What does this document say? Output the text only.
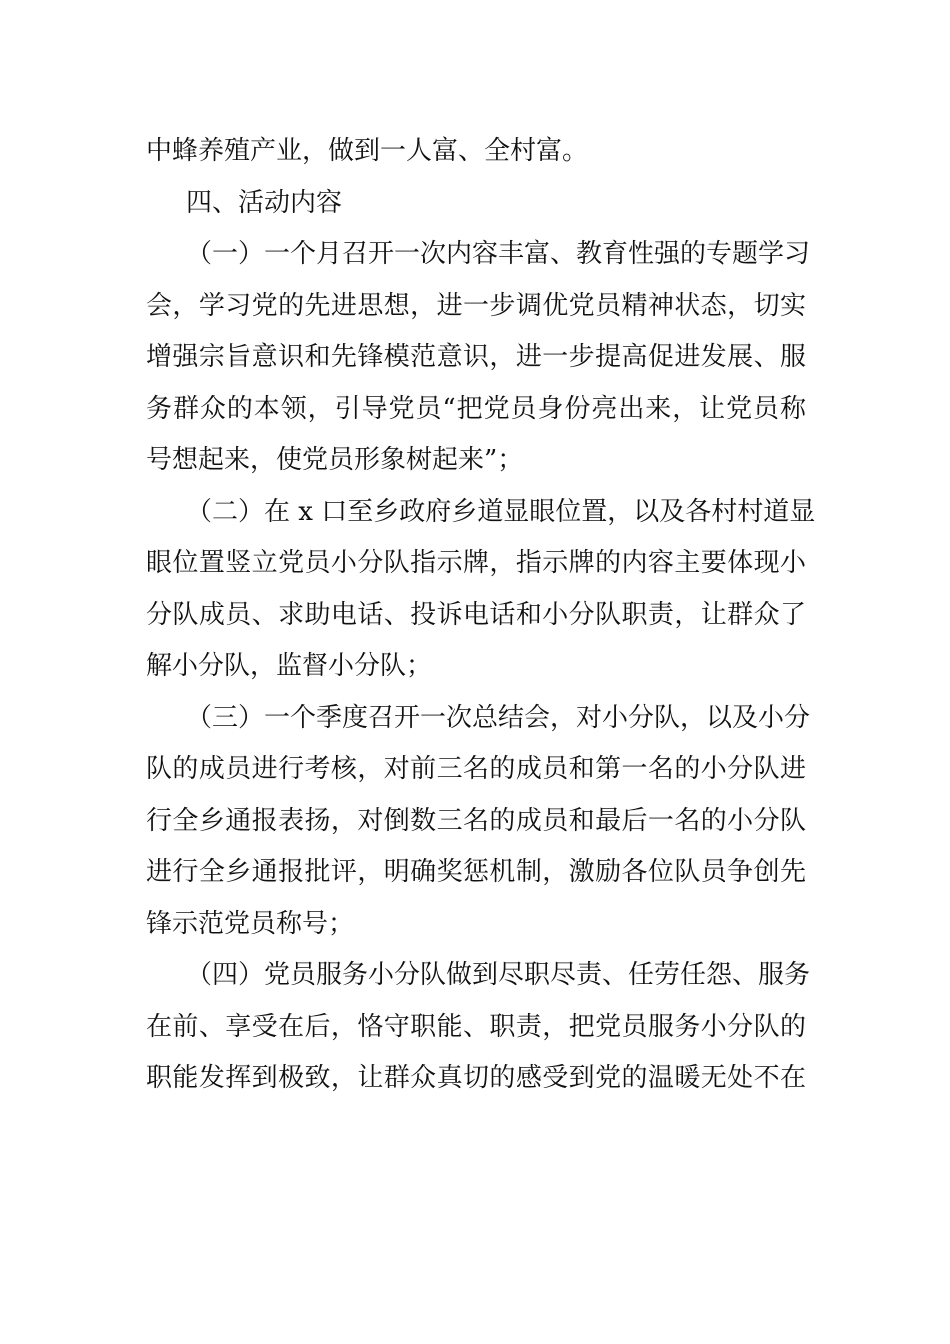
中蜂养殖产业，做到一人富、全村富。
四、活动内容
（一）一个月召开一次内容丰富、教育性强的专题学习
会，学习党的先进思想，进一步调优党员精神状态，切实
增强宗旨意识和先锋模范意识，进一步提高促进发展、服
务群众的本领，引导党员“把党员身份亮出来，让党员称
号想起来，使党员形象树起来”；
（二）在 x 口至乡政府乡道显眼位置，以及各村村道显
眼位置竖立党员小分队指示牌，指示牌的内容主要体现小
分队成员、求助电话、投诉电话和小分队职责，让群众了
解小分队，监督小分队；
（三）一个季度召开一次总结会，对小分队，以及小分
队的成员进行考核，对前三名的成员和第一名的小分队进
行全乡通报表扬，对倒数三名的成员和最后一名的小分队
进行全乡通报批评，明确奖惩机制，激励各位队员争创先
锋示范党员称号；
（四）党员服务小分队做到尽职尽责、任劳任怨、服务
在前、享受在后，恪守职能、职责，把党员服务小分队的
职能发挥到极致，让群众真切的感受到党的温暖无处不在
